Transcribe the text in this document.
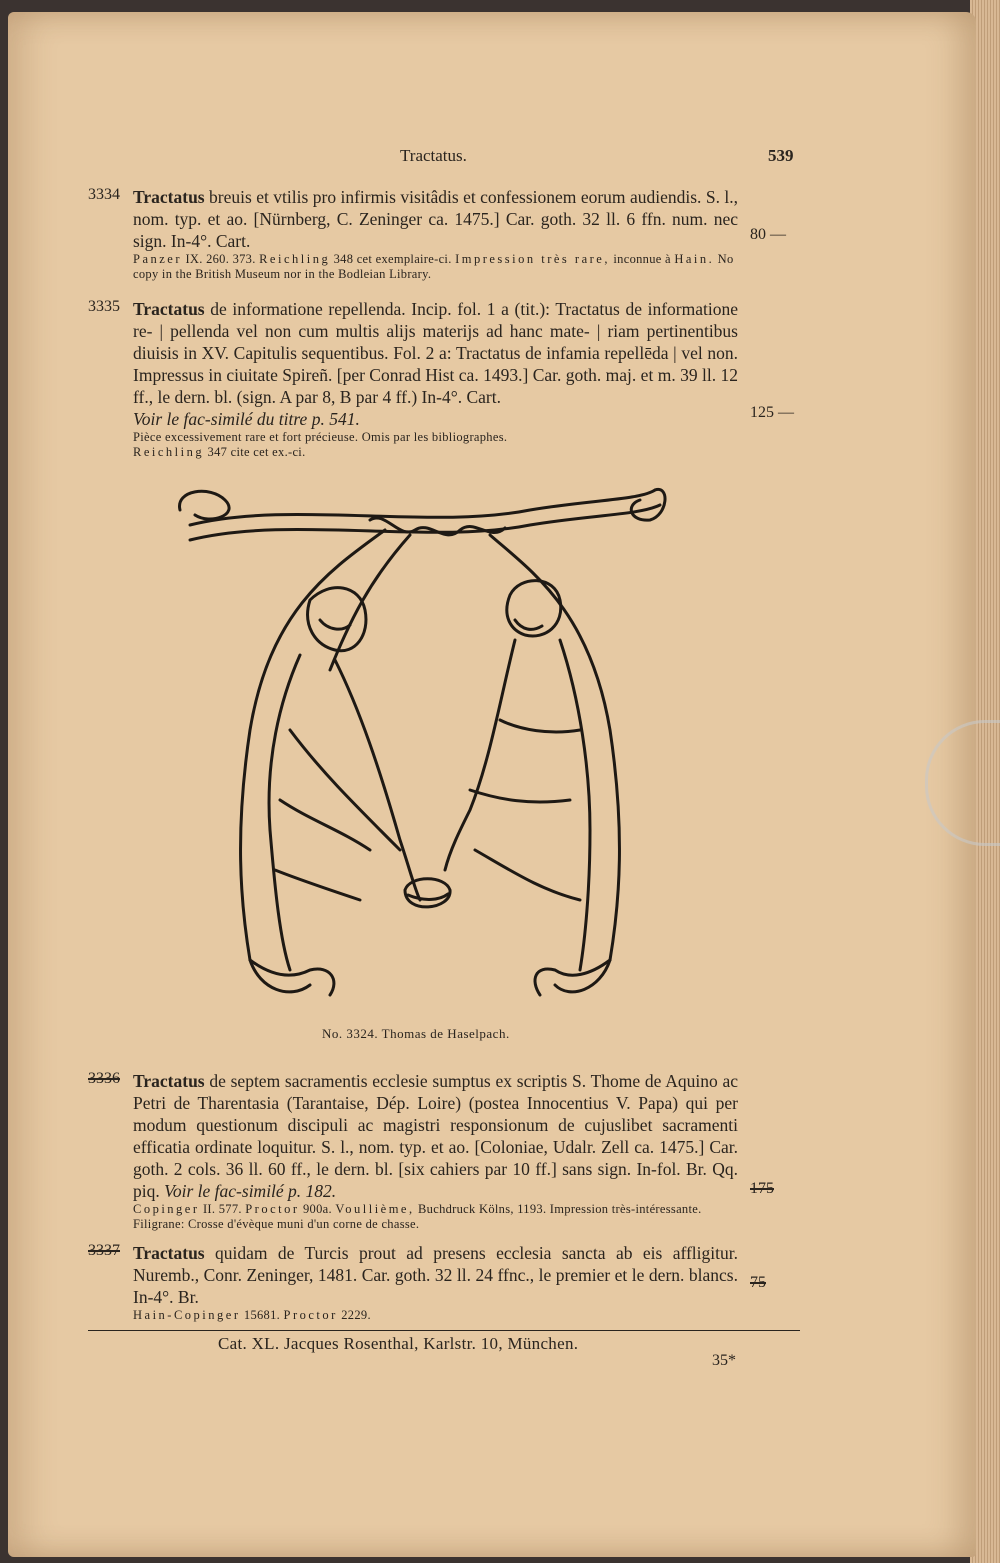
Tractatus.	539
3334 Tractatus breuis et vtilis pro infirmis visitâdis et confessionem eorum audiendis. S. l., nom. typ. et ao. [Nürnberg, C. Zeninger ca. 1475.] Car. goth. 32 ll. 6 ffn. num. nec sign. In-4°. Cart.
Panzer IX. 260. 373. Reichling 348 cet exemplaire-ci. Impression très rare, inconnue à Hain. No copy in the British Museum nor in the Bodleian Library.
80 —
3335 Tractatus de informatione repellenda. Incip. fol. 1 a (tit.): Tractatus de informatione re- | pellenda vel non cum multis alijs materijs ad hanc mate- | riam pertinentibus diuisis in XV. Capitulis sequentibus. Fol. 2 a: Tractatus de infamia repellēda | vel non. Impressus in ciuitate Spireñ. [per Conrad Hist ca. 1493.] Car. goth. maj. et m. 39 ll. 12 ff., le dern. bl. (sign. A par 8, B par 4 ff.) In-4°. Cart.
Voir le fac-similé du titre p. 541.
Pièce excessivement rare et fort précieuse. Omis par les bibliographes.
Reichling 347 cite cet ex.-ci.
125 —
No. 3324. Thomas de Haselpach.
3336 Tractatus de septem sacramentis ecclesie sumptus ex scriptis S. Thome de Aquino ac Petri de Tharentasia (Tarantaise, Dép. Loire) (postea Innocentius V. Papa) qui per modum questionum discipuli ac magistri responsionum de cujuslibet sacramenti efficatia ordinate loquitur. S. l., nom. typ. et ao. [Coloniae, Udalr. Zell ca. 1475.] Car. goth. 2 cols. 36 ll. 60 ff., le dern. bl. [six cahiers par 10 ff.] sans sign. In-fol. Br. Qq. piq. Voir le fac-similé p. 182.
Copinger II. 577. Proctor 900a. Voullième, Buchdruck Kölns, 1193. Impression très-intéressante. Filigrane: Crosse d'évèque muni d'un corne de chasse.
175
3337 Tractatus quidam de Turcis prout ad presens ecclesia sancta ab eis affligitur. Nuremb., Conr. Zeninger, 1481. Car. goth. 32 ll. 24 ffnc., le premier et le dern. blancs. In-4°. Br.
Hain-Copinger 15681. Proctor 2229.
75
Cat. XL. Jacques Rosenthal, Karlstr. 10, München.
35*
